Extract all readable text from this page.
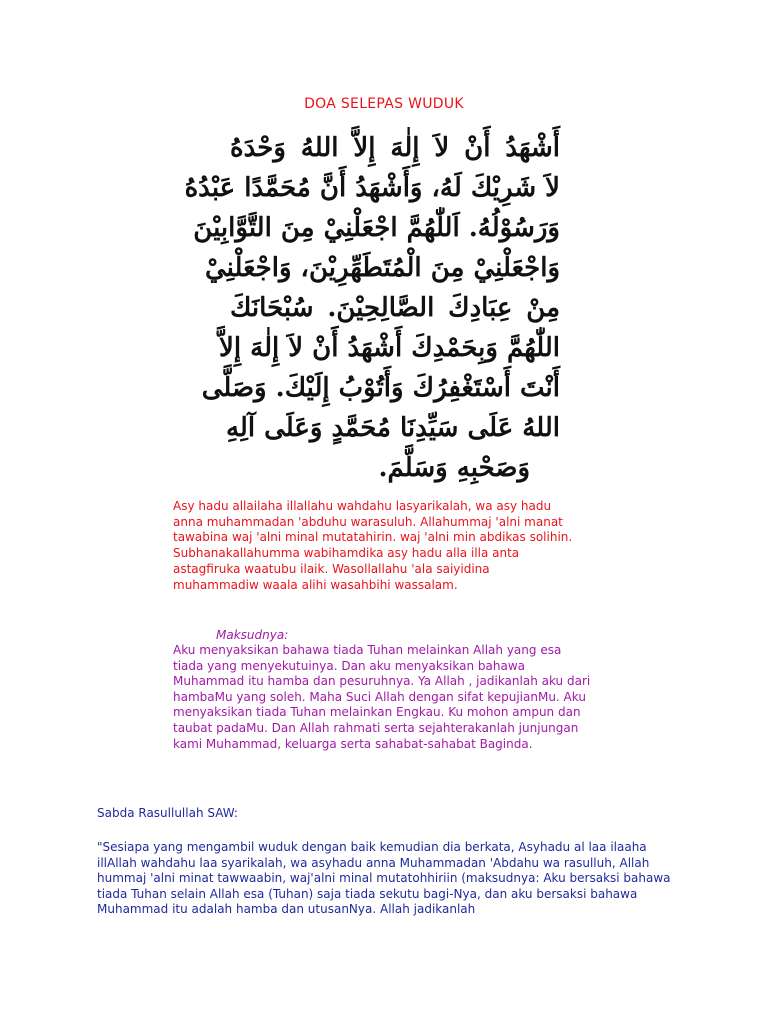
DOA SELEPAS WUDUK
أَشْهَدُ أَنْ لاَ إِلٰهَ إِلاَّ اللهُ وَحْدَهُ
لاَ شَرِيْكَ لَهُ، وَأَشْهَدُ أَنَّ مُحَمَّدًا عَبْدُهُ
وَرَسُوْلُهُ. اَللّٰهُمَّ اجْعَلْنِيْ مِنَ التَّوَّابِيْنَ
وَاجْعَلْنِيْ مِنَ الْمُتَطَهِّرِيْنَ، وَاجْعَلْنِيْ
مِنْ عِبَادِكَ الصَّالِحِيْنَ. سُبْحَانَكَ
اللّٰهُمَّ وَبِحَمْدِكَ أَشْهَدُ أَنْ لاَ إِلٰهَ إِلاَّ
أَنْتَ أَسْتَغْفِرُكَ وَأَتُوْبُ إِلَيْكَ. وَصَلَّى
اللهُ عَلَى سَيِّدِنَا مُحَمَّدٍ وَعَلَى آلِهِ
وَصَحْبِهِ وَسَلَّمَ.

Asy hadu allailaha illallahu wahdahu lasyarikalah, wa asy hadu anna muhammadan 'abduhu warasuluh. Allahummaj 'alni manat tawabina waj 'alni minal mutatahirin. waj 'alni min abdikas solihin. Subhanakallahumma wabihamdika asy hadu alla illa anta astagfiruka waatubu ilaik. Wasollallahu 'ala saiyidina muhammadiw waala alihi wasahbihi wassalam.

Maksudnya:

Aku menyaksikan bahawa tiada Tuhan melainkan Allah yang esa tiada yang menyekutuinya. Dan aku menyaksikan bahawa Muhammad itu hamba dan pesuruhnya. Ya Allah , jadikanlah aku dari hambaMu yang soleh. Maha Suci Allah dengan sifat kepujianMu. Aku menyaksikan tiada Tuhan melainkan Engkau. Ku mohon ampun dan taubat padaMu. Dan Allah rahmati serta sejahterakanlah junjungan kami Muhammad, keluarga serta sahabat-sahabat Baginda.

Sabda Rasullullah SAW:

"Sesiapa yang mengambil wuduk dengan baik kemudian dia berkata, Asyhadu al laa ilaaha illAllah wahdahu laa syarikalah, wa asyhadu anna Muhammadan 'Abdahu wa rasulluh, Allah hummaj 'alni minat tawwaabin, waj'alni minal mutatohhiriin (maksudnya: Aku bersaksi bahawa tiada Tuhan selain Allah esa (Tuhan) saja tiada sekutu bagi-Nya, dan aku bersaksi bahawa Muhammad itu adalah hamba dan utusanNya. Allah jadikanlah
